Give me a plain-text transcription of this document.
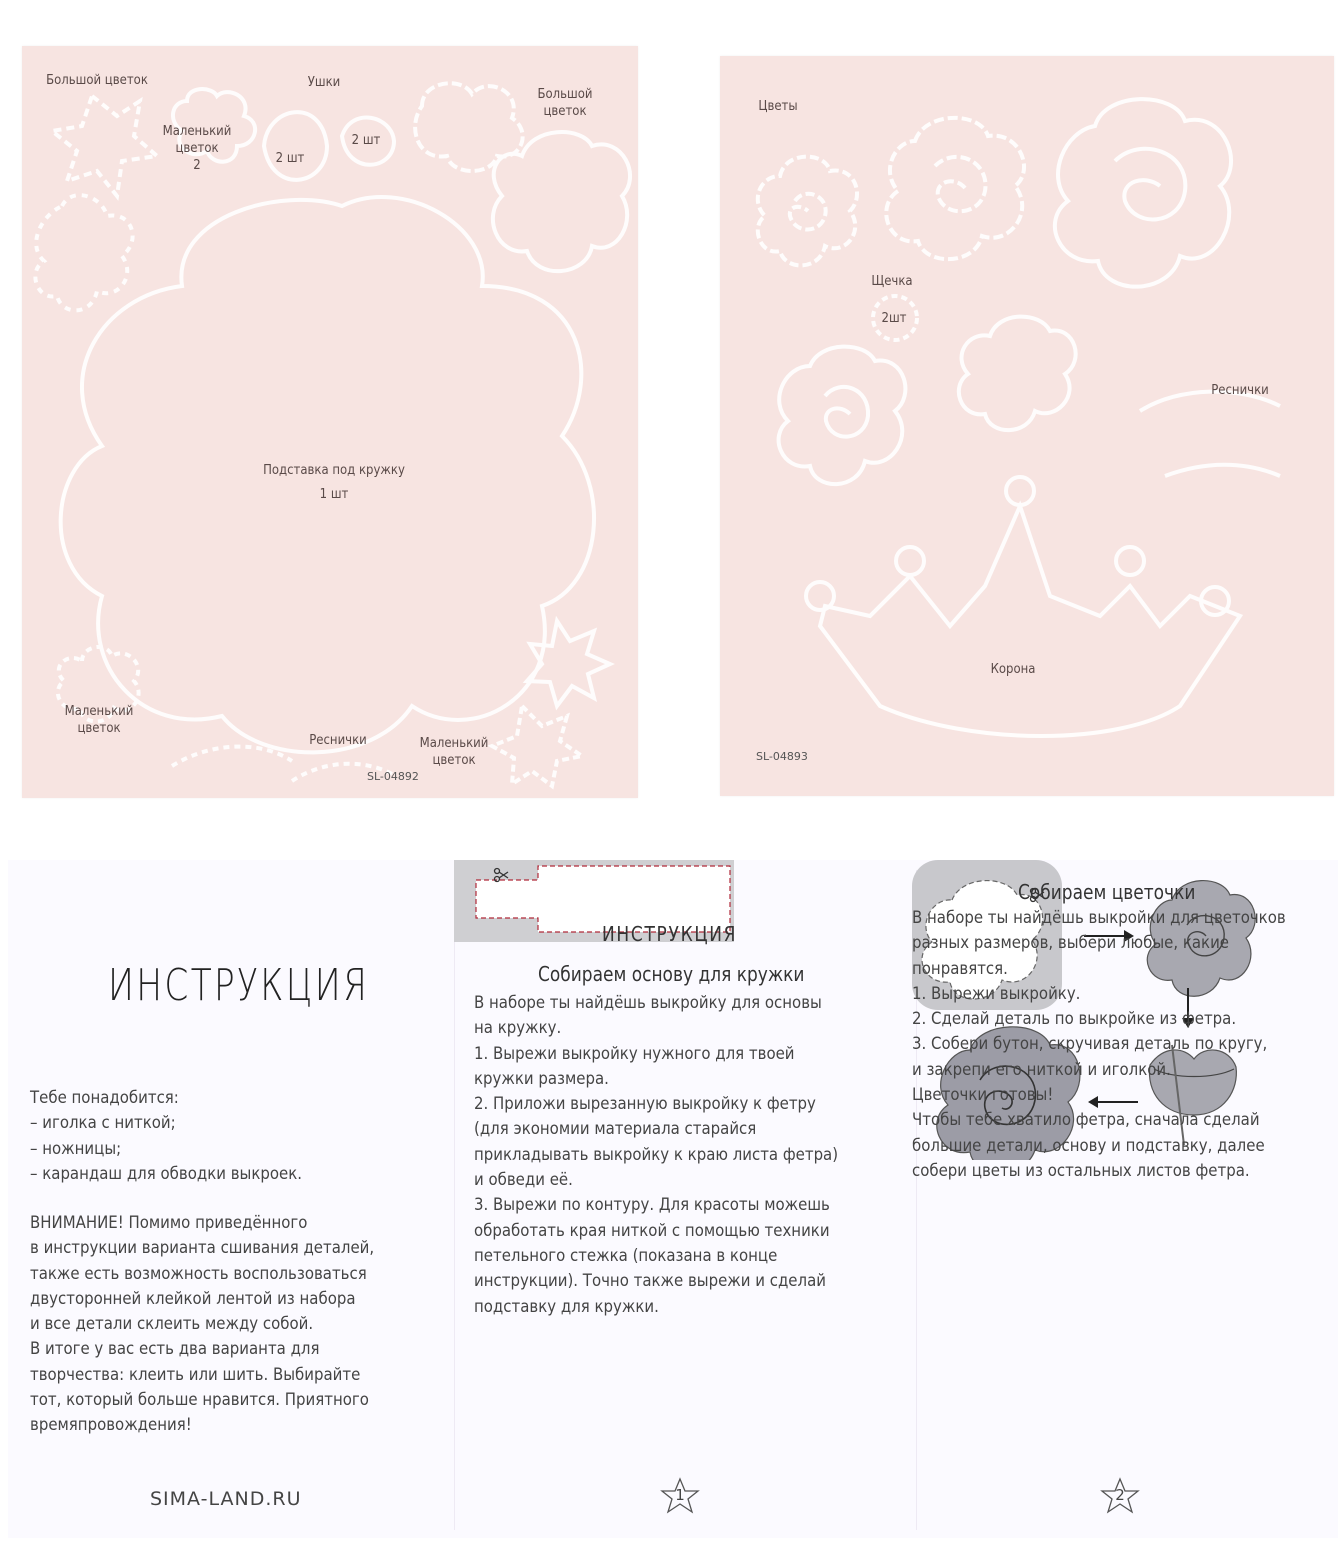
Большой цветок	Ушки
Большой
цветок
Маленький
цветок
2	2 шт
2 шт
Подставка под кружку
1 шт
Маленький
цветок
Реснички	Маленький
цветок
SL-04892
Цветы
Щечка
2шт
Реснички
Корона
SL-04893
ИНСТРУКЦИЯ
Тебе понадобится:
– иголка с ниткой;
– ножницы;
– карандаш для обводки выкроек.
ВНИМАНИЕ! Помимо приведённого
в инструкции варианта сшивания деталей,
также есть возможность воспользоваться
двусторонней клейкой лентой из набора
и все детали склеить между собой.
В итоге у вас есть два варианта для
творчества: клеить или шить. Выбирайте
тот, который больше нравится. Приятного
времяпровождения!
SIMA-LAND.RU
ИНСТРУКЦИЯ
Собираем основу для кружки
В наборе ты найдёшь выкройку для основы
на кружку.
1. Вырежи выкройку нужного для твоей
кружки размера.
2. Приложи вырезанную выкройку к фетру
(для экономии материала старайся
прикладывать выкройку к краю листа фетра)
и обведи её.
3. Вырежи по контуру. Для красоты можешь
обработать края ниткой с помощью техники
петельного стежка (показана в конце
инструкции). Точно также вырежи и сделай
подставку для кружки.
1
Собираем цветочки
В наборе ты найдёшь выкройки для цветочков
разных размеров, выбери любые, какие
понравятся.
1. Вырежи выкройку.
2. Сделай деталь по выкройке из фетра.
3. Собери бутон, скручивая деталь по кругу,
и закрепи его ниткой и иголкой.
Цветочки готовы!
Чтобы тебе хватило фетра, сначала сделай
большие детали, основу и подставку, далее
собери цветы из остальных листов фетра.
2
